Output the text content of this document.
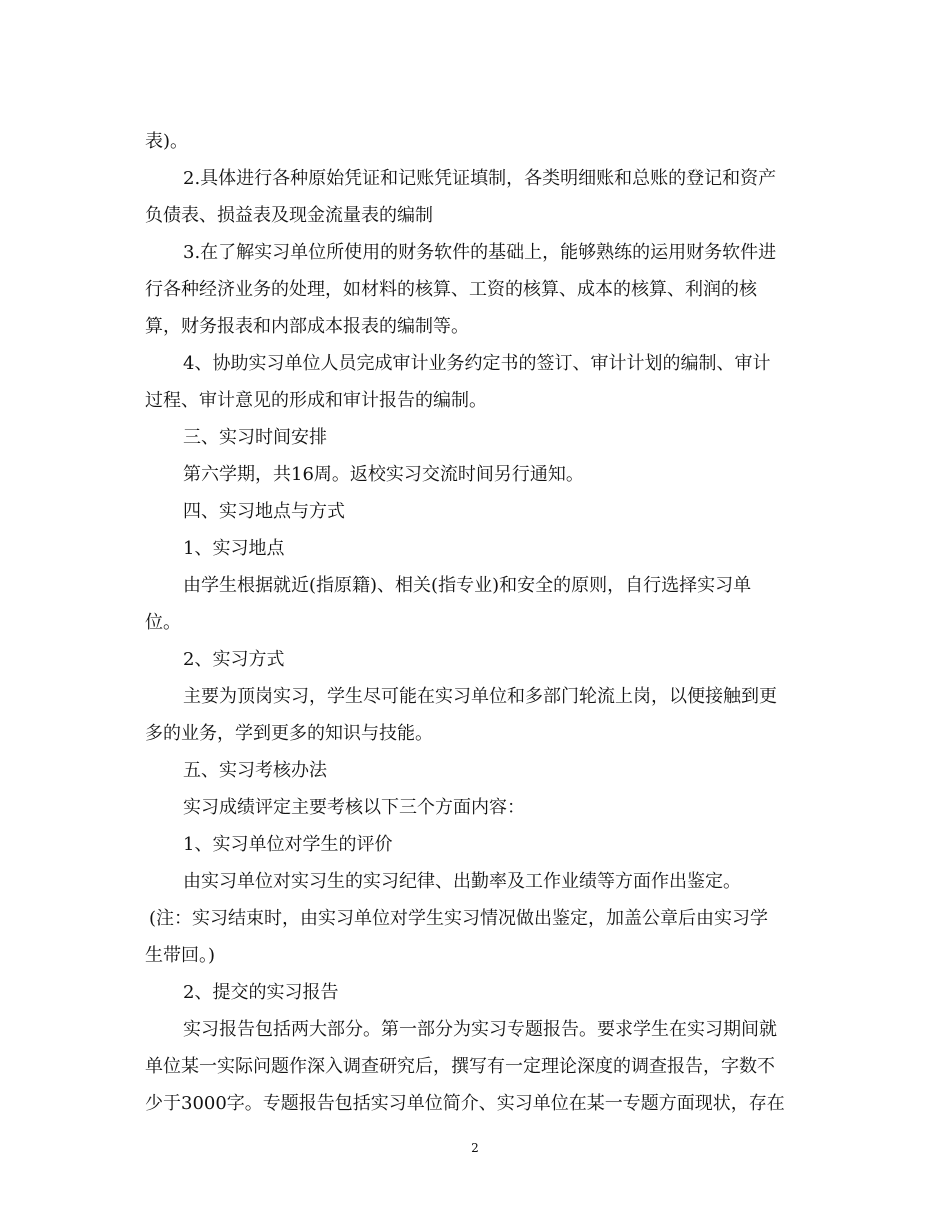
表)。
2.具体进行各种原始凭证和记账凭证填制，各类明细账和总账的登记和资产
负债表、损益表及现金流量表的编制
3.在了解实习单位所使用的财务软件的基础上，能够熟练的运用财务软件进
行各种经济业务的处理，如材料的核算、工资的核算、成本的核算、利润的核
算，财务报表和内部成本报表的编制等。
4、协助实习单位人员完成审计业务约定书的签订、审计计划的编制、审计
过程、审计意见的形成和审计报告的编制。
三、实习时间安排
第六学期，共16周。返校实习交流时间另行通知。
四、实习地点与方式
1、实习地点
由学生根据就近(指原籍)、相关(指专业)和安全的原则，自行选择实习单
位。
2、实习方式
主要为顶岗实习，学生尽可能在实习单位和多部门轮流上岗，以便接触到更
多的业务，学到更多的知识与技能。
五、实习考核办法
实习成绩评定主要考核以下三个方面内容：
1、实习单位对学生的评价
由实习单位对实习生的实习纪律、出勤率及工作业绩等方面作出鉴定。
(注：实习结束时，由实习单位对学生实习情况做出鉴定，加盖公章后由实习学
生带回。)
2、提交的实习报告
实习报告包括两大部分。第一部分为实习专题报告。要求学生在实习期间就
单位某一实际问题作深入调查研究后，撰写有一定理论深度的调查报告，字数不
少于3000字。专题报告包括实习单位简介、实习单位在某一专题方面现状，存在
2
